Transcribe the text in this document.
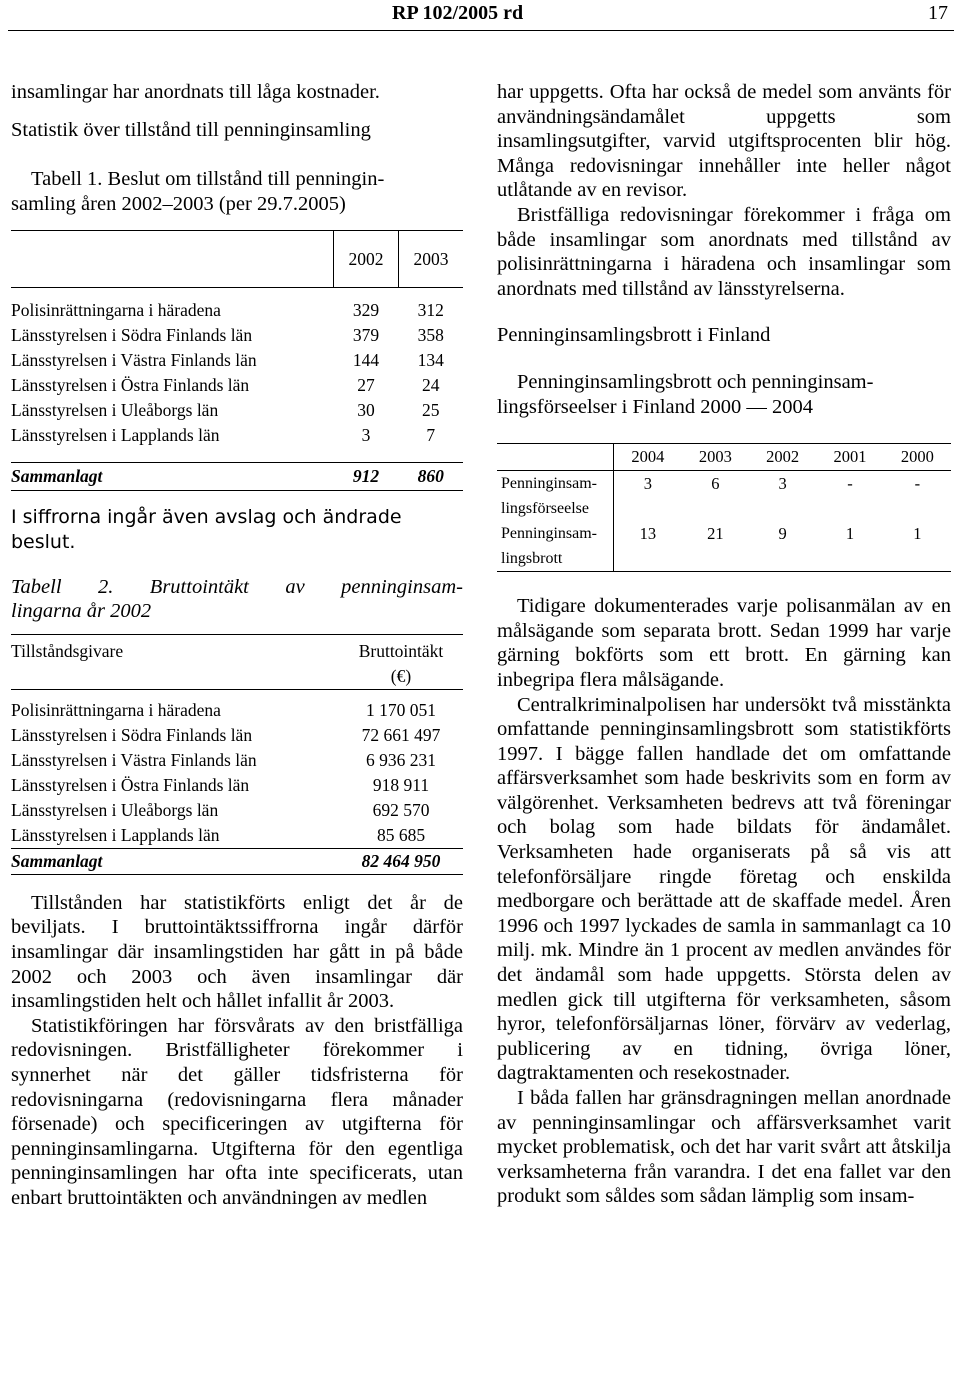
RP 102/2005 rd	17

insamlingar har anordnats till låga kostnader.

Statistik över tillstånd till penninginsamling

Tabell 1. Beslut om tillstånd till penningin-
samling åren 2002–2003 (per 29.7.2005)
	2002	2003

Polisinrättningarna i häradena	329	312
Länsstyrelsen i Södra Finlands län	379	358
Länsstyrelsen i Västra Finlands län	144	134
Länsstyrelsen i Östra Finlands län	27	24
Länsstyrelsen i Uleåborgs län	30	25
Länsstyrelsen i Lapplands län	3	7

Sammanlagt	912	860
I siffrorna ingår även avslag och ändrade
beslut.
Tabell 2. Bruttointäkt av penninginsam-
lingarna år 2002
Tillståndsgivare	Bruttointäkt
(€)

Polisinrättningarna i häradena	1 170 051
Länsstyrelsen i Södra Finlands län	72 661 497
Länsstyrelsen i Västra Finlands län	6 936 231
Länsstyrelsen i Östra Finlands län	918 911
Länsstyrelsen i Uleåborgs län	692 570
Länsstyrelsen i Lapplands län	85 685
Sammanlagt	82 464 950

Tillstånden har statistikförts enligt det år de beviljats. I bruttointäktssiffrorna ingår därför insamlingar där insamlingstiden har gått in på både 2002 och 2003 och även insamlingar där insamlingstiden helt och hållet infallit år 2003.

Statistikföringen har försvårats av den bristfälliga redovisningen. Bristfälligheter förekommer i synnerhet när det gäller tidsfristerna för redovisningarna (redovisningarna flera månader försenade) och specificeringen av utgifterna för penninginsamlingarna. Utgifterna för den egentliga penninginsamlingen har ofta inte specificerats, utan enbart bruttointäkten och användningen av medlen

har uppgetts. Ofta har också de medel som använts för användningsändamålet uppgetts som insamlingsutgifter, varvid utgiftsprocenten blir hög. Många redovisningar innehåller inte heller något utlåtande av en revisor.

Bristfälliga redovisningar förekommer i fråga om både insamlingar som anordnats med tillstånd av polisinrättningarna i häradena och insamlingar som anordnats med tillstånd av länsstyrelserna.

Penninginsamlingsbrott i Finland
Penninginsamlingsbrott och penninginsam-
lingsförseelser i Finland 2000 — 2004
	2004	2003	2002	2001	2000

Penninginsam-
lingsförseelse	3	6	3	-	-

Penninginsam-
lingsbrott	13	21	9	1	1

Tidigare dokumenterades varje polisanmälan av en målsägande som separata brott. Sedan 1999 har varje gärning bokförts som ett brott. En gärning kan inbegripa flera målsägande.

Centralkriminalpolisen har undersökt två misstänkta omfattande penninginsamlingsbrott som statistikförts 1997. I bägge fallen handlade det om omfattande affärsverksamhet som hade beskrivits som en form av välgörenhet. Verksamheten bedrevs att två föreningar och bolag som hade bildats för ändamålet. Verksamheten hade organiserats på så vis att telefonförsäljare ringde företag och enskilda medborgare och berättade att de skaffade medel. Åren 1996 och 1997 lyckades de samla in sammanlagt ca 10 milj. mk. Mindre än 1 procent av medlen användes för det ändamål som hade uppgetts. Största delen av medlen gick till utgifterna för verksamheten, såsom hyror, telefonförsäljarnas löner, förvärv av vederlag, publicering av en tidning, övriga löner, dagtraktamenten och resekostnader.

I båda fallen har gränsdragningen mellan anordnade av penninginsamlingar och affärsverksamhet varit mycket problematisk, och det har varit svårt att åtskilja verksamheterna från varandra. I det ena fallet var den produkt som såldes som sådan lämplig som insam-
